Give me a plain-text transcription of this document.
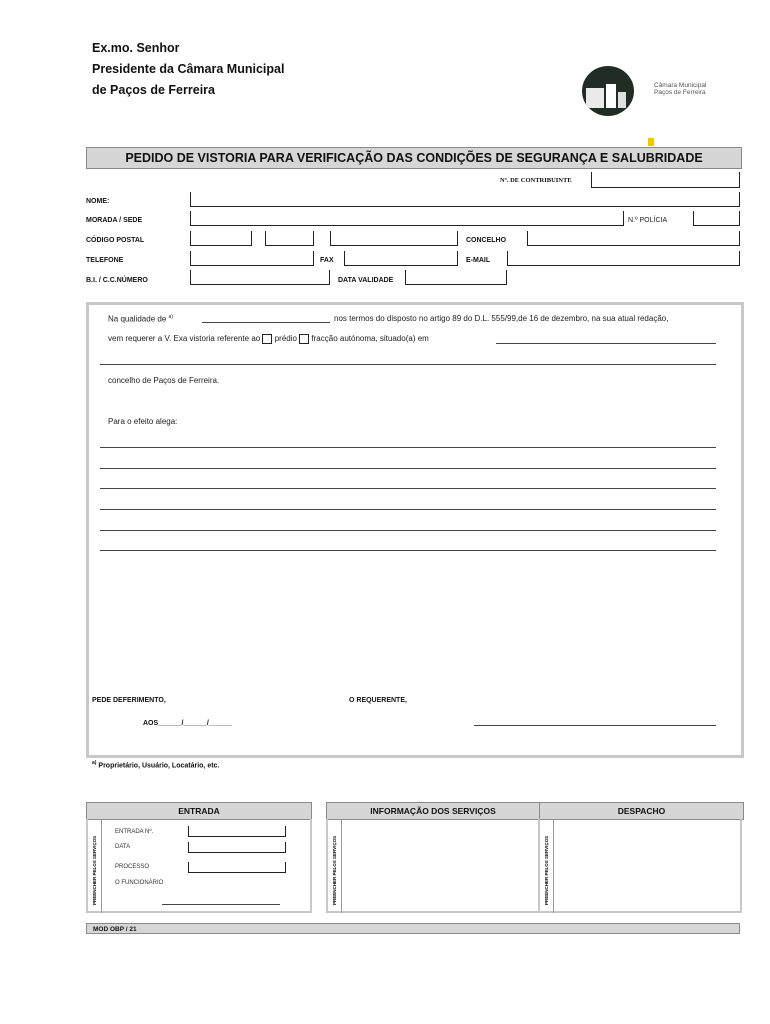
Ex.mo. Senhor
Presidente da Câmara Municipal
de Paços de Ferreira	Câmara Municipal
Paços de Ferreira
PEDIDO DE VISTORIA PARA VERIFICAÇÃO DAS CONDIÇÕES DE SEGURANÇA E SALUBRIDADE
Nº. DE CONTRIBUINTE
NOME:
MORADA / SEDE	N.º POLÍCIA
CÓDIGO POSTAL	CONCELHO
TELEFONE	FAX	E-MAIL
B.I. / C.C.NÚMERO	DATA VALIDADE
Na qualidade de $^{a)}$	nos termos do disposto no artigo 89 do D.L. 555/99,de 16 de dezembro, na sua atual redação,
vem requerer a V. Exa vistoria referente ao prédio fracção autónoma, situado(a) em
concelho de Paços de Ferreira.
Para o efeito alega:
PEDE DEFERIMENTO,	O REQUERENTE,
AOS______/______/______
$^{a)}$ Proprietário, Usuário, Locatário, etc.
ENTRADA
PREENCHER PELOS SERVIÇOS
ENTRADA Nº.
DATA
PROCESSO
O FUNCIONÁRIO
INFORMAÇÃO DOS SERVIÇOS	DESPACHO
PREENCHER PELOS SERVIÇOS	PREENCHER PELOS SERVIÇOS
MOD OBP / 21
